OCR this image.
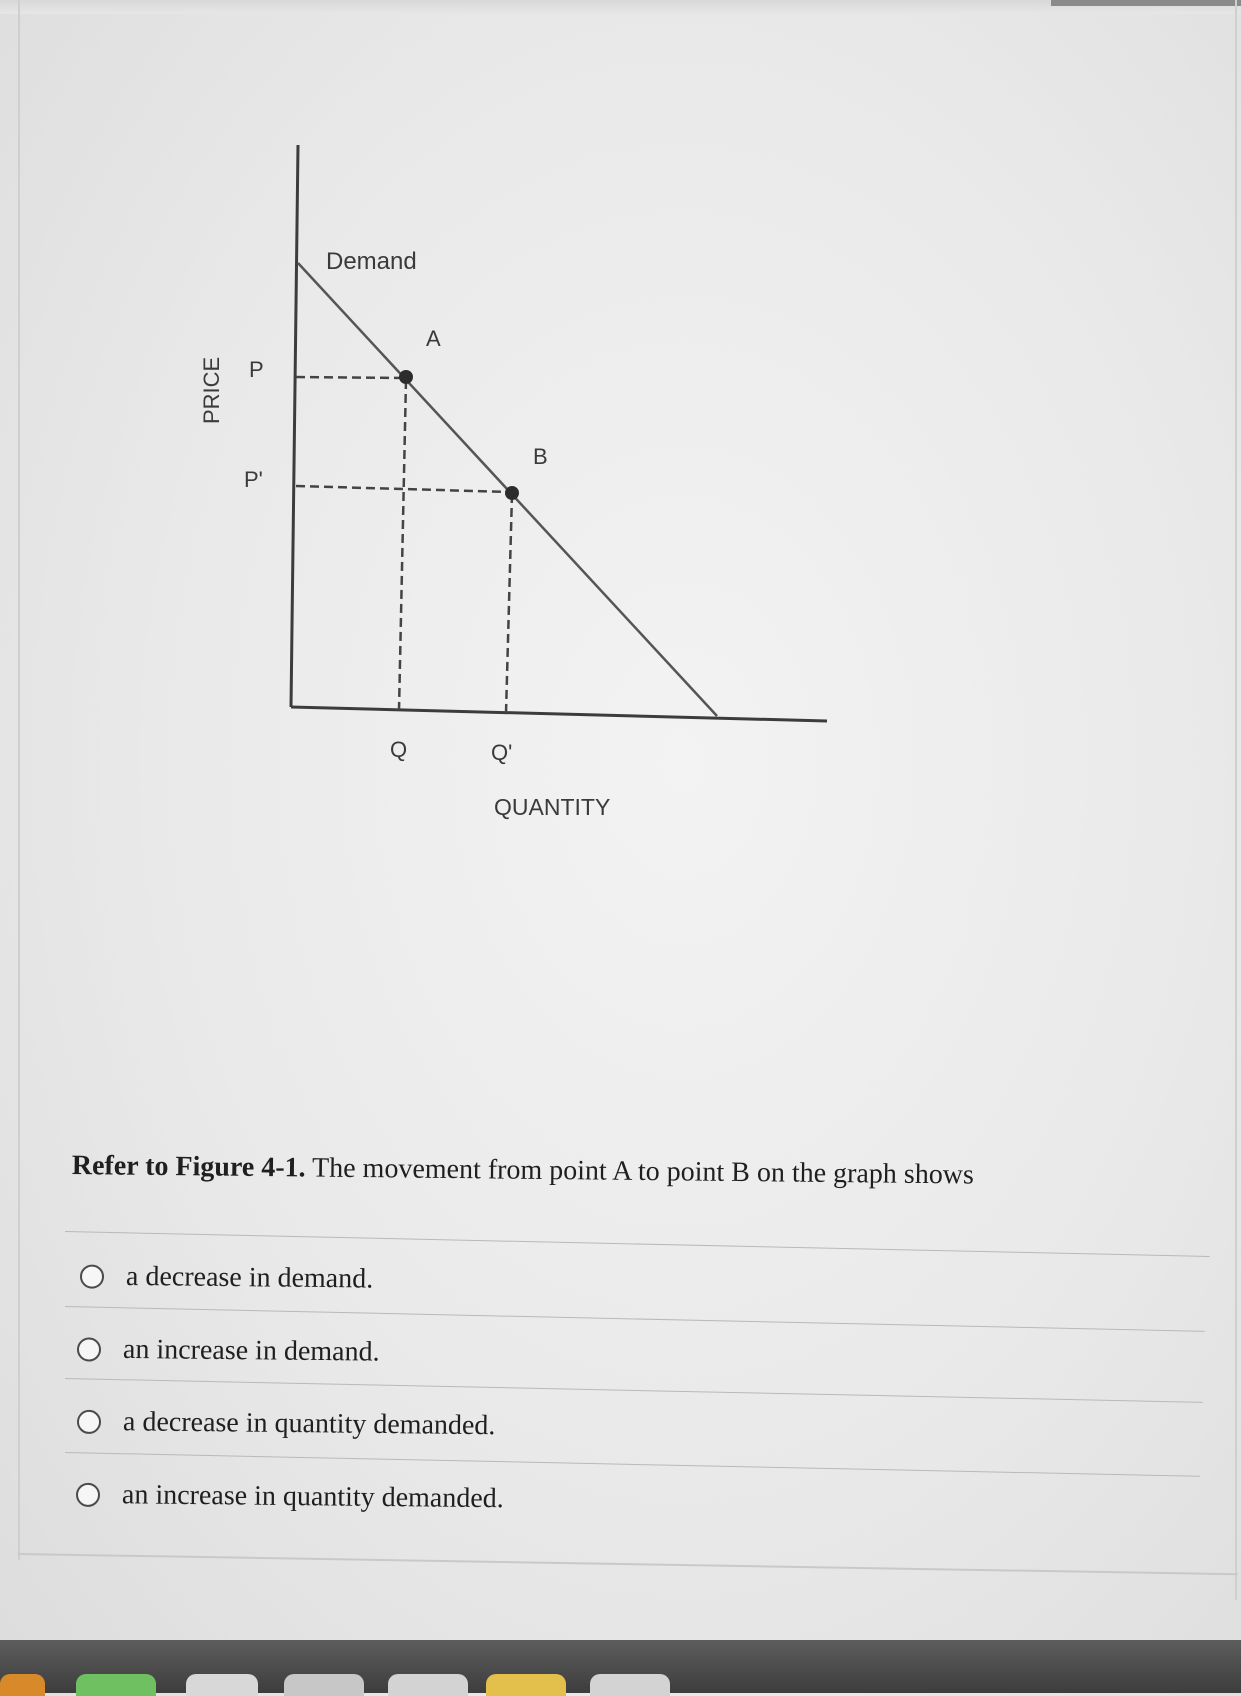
Demand
A
B
P
P'
PRICE
Q	Q'
QUANTITY
Refer to Figure 4-1. The movement from point A to point B on the graph shows
a decrease in demand.
an increase in demand.
a decrease in quantity demanded.
an increase in quantity demanded.
